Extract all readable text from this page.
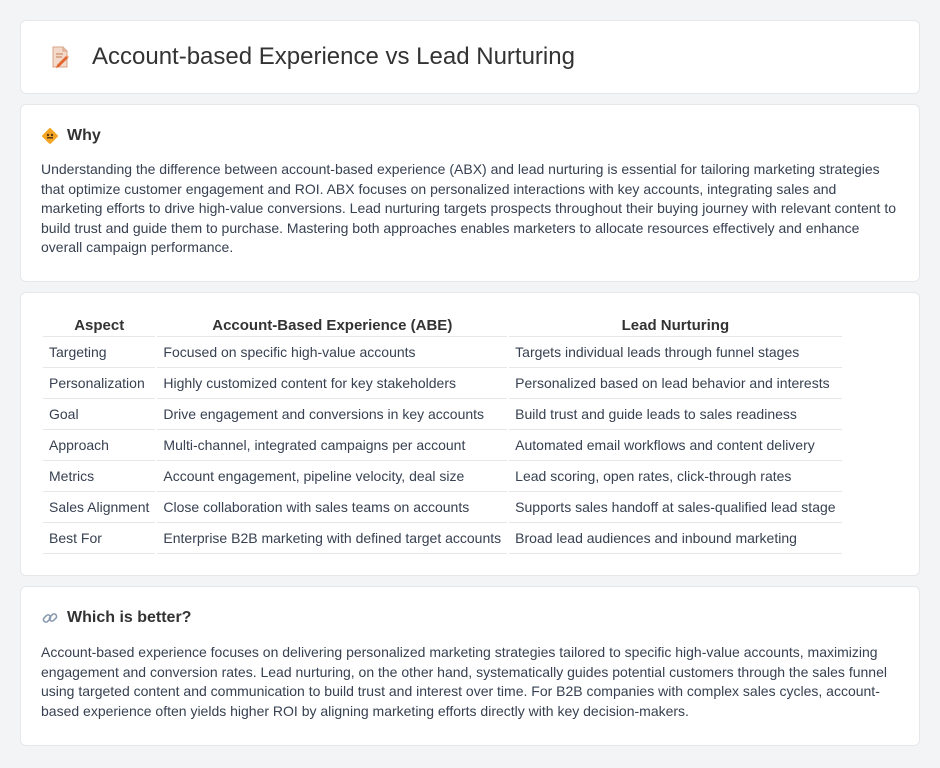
Account-based Experience vs Lead Nurturing
Why

Understanding the difference between account-based experience (ABX) and lead nurturing is essential for tailoring marketing strategies that optimize customer engagement and ROI. ABX focuses on personalized interactions with key accounts, integrating sales and marketing efforts to drive high-value conversions. Lead nurturing targets prospects throughout their buying journey with relevant content to build trust and guide them to purchase. Mastering both approaches enables marketers to allocate resources effectively and enhance overall campaign performance.

Aspect	Account-Based Experience (ABE)	Lead Nurturing
Targeting	Focused on specific high-value accounts	Targets individual leads through funnel stages
Personalization	Highly customized content for key stakeholders	Personalized based on lead behavior and interests
Goal	Drive engagement and conversions in key accounts	Build trust and guide leads to sales readiness
Approach	Multi-channel, integrated campaigns per account	Automated email workflows and content delivery
Metrics	Account engagement, pipeline velocity, deal size	Lead scoring, open rates, click-through rates
Sales Alignment	Close collaboration with sales teams on accounts	Supports sales handoff at sales-qualified lead stage
Best For	Enterprise B2B marketing with defined target accounts	Broad lead audiences and inbound marketing
Which is better?

Account-based experience focuses on delivering personalized marketing strategies tailored to specific high-value accounts, maximizing engagement and conversion rates. Lead nurturing, on the other hand, systematically guides potential customers through the sales funnel using targeted content and communication to build trust and interest over time. For B2B companies with complex sales cycles, account-based experience often yields higher ROI by aligning marketing efforts directly with key decision-makers.
